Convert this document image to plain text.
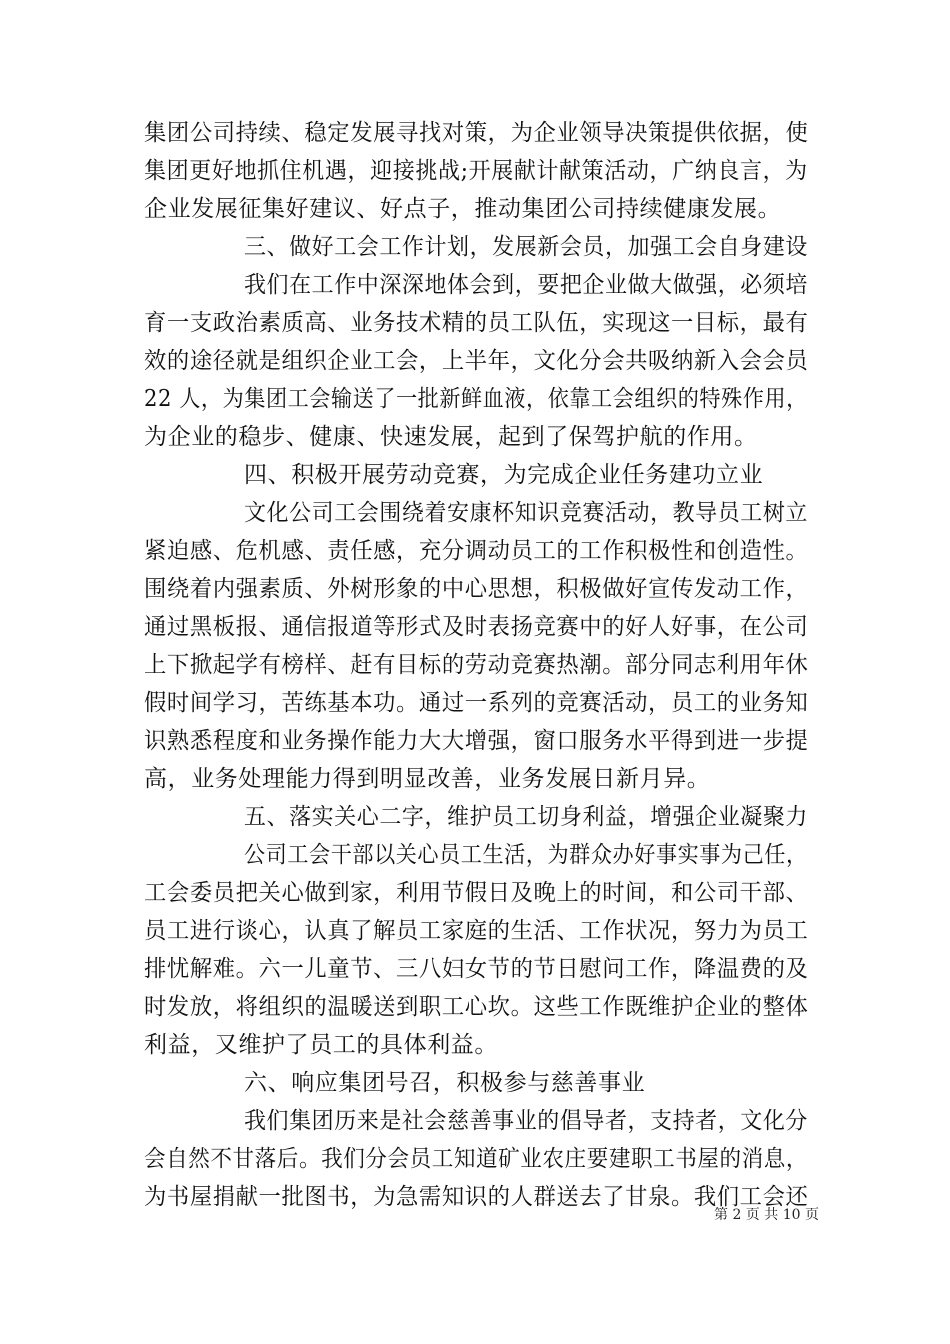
集团公司持续、稳定发展寻找对策，为企业领导决策提供依据，使
集团更好地抓住机遇，迎接挑战;开展献计献策活动，广纳良言，为
企业发展征集好建议、好点子，推动集团公司持续健康发展。
三、做好工会工作计划，发展新会员，加强工会自身建设
我们在工作中深深地体会到，要把企业做大做强，必须培
育一支政治素质高、业务技术精的员工队伍，实现这一目标，最有
效的途径就是组织企业工会，上半年，文化分会共吸纳新入会会员
22 人，为集团工会输送了一批新鲜血液，依靠工会组织的特殊作用，
为企业的稳步、健康、快速发展，起到了保驾护航的作用。
四、积极开展劳动竞赛，为完成企业任务建功立业
文化公司工会围绕着安康杯知识竞赛活动，教导员工树立
紧迫感、危机感、责任感，充分调动员工的工作积极性和创造性。
围绕着内强素质、外树形象的中心思想，积极做好宣传发动工作，
通过黑板报、通信报道等形式及时表扬竞赛中的好人好事，在公司
上下掀起学有榜样、赶有目标的劳动竞赛热潮。部分同志利用年休
假时间学习，苦练基本功。通过一系列的竞赛活动，员工的业务知
识熟悉程度和业务操作能力大大增强，窗口服务水平得到进一步提
高，业务处理能力得到明显改善，业务发展日新月异。
五、落实关心二字，维护员工切身利益，增强企业凝聚力
公司工会干部以关心员工生活，为群众办好事实事为己任，
工会委员把关心做到家，利用节假日及晚上的时间，和公司干部、
员工进行谈心，认真了解员工家庭的生活、工作状况，努力为员工
排忧解难。六一儿童节、三八妇女节的节日慰问工作，降温费的及
时发放，将组织的温暖送到职工心坎。这些工作既维护企业的整体
利益，又维护了员工的具体利益。
六、响应集团号召，积极参与慈善事业
我们集团历来是社会慈善事业的倡导者，支持者，文化分
会自然不甘落后。我们分会员工知道矿业农庄要建职工书屋的消息，
为书屋捐献一批图书，为急需知识的人群送去了甘泉。我们工会还
第 2 页 共 10 页
